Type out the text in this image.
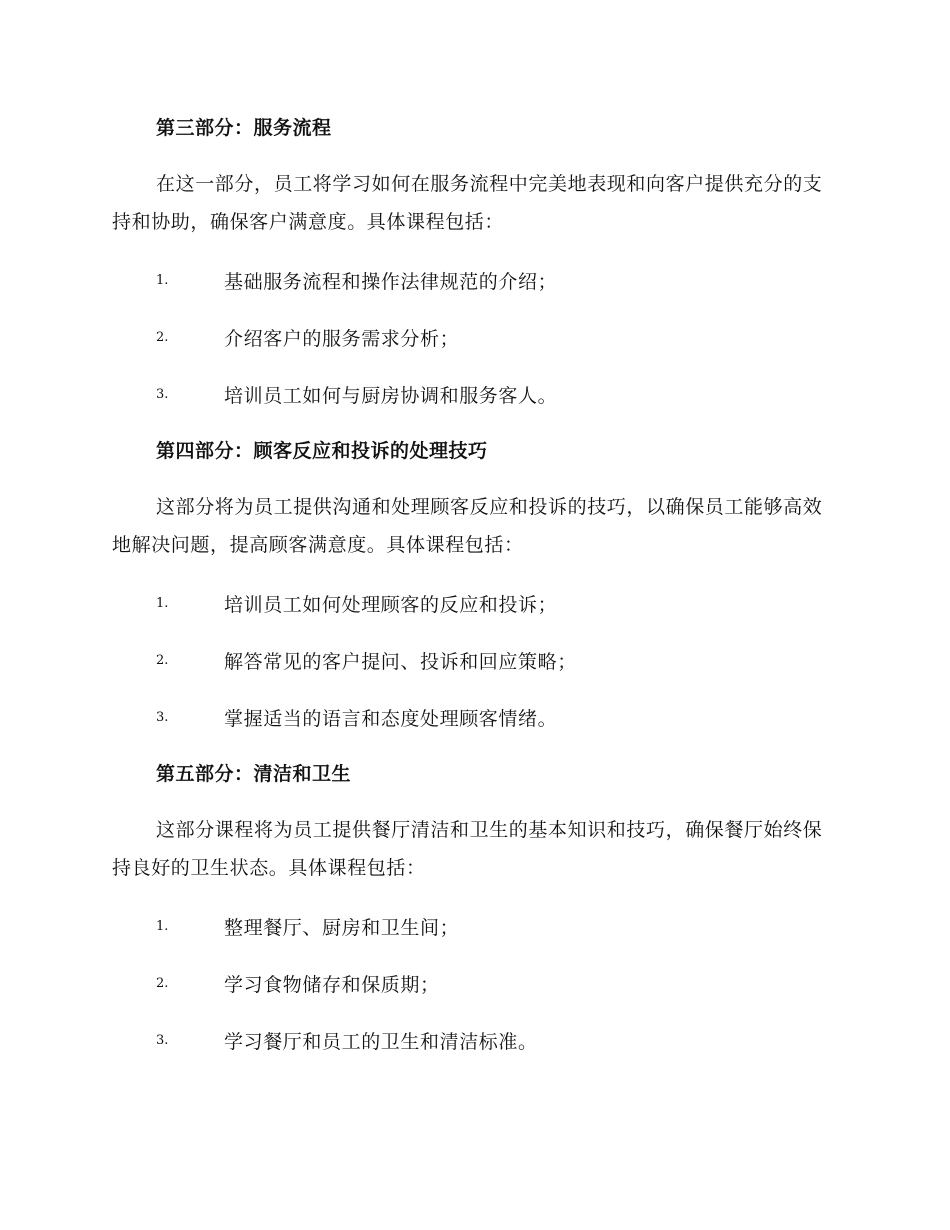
第三部分：服务流程
在这一部分，员工将学习如何在服务流程中完美地表现和向客户提供充分的支持和协助，确保客户满意度。具体课程包括：
1.	基础服务流程和操作法律规范的介绍；
2.	介绍客户的服务需求分析；
3.	培训员工如何与厨房协调和服务客人。
第四部分：顾客反应和投诉的处理技巧
这部分将为员工提供沟通和处理顾客反应和投诉的技巧，以确保员工能够高效地解决问题，提高顾客满意度。具体课程包括：
1.	培训员工如何处理顾客的反应和投诉；
2.	解答常见的客户提问、投诉和回应策略；
3.	掌握适当的语言和态度处理顾客情绪。
第五部分：清洁和卫生
这部分课程将为员工提供餐厅清洁和卫生的基本知识和技巧，确保餐厅始终保持良好的卫生状态。具体课程包括：
1.	整理餐厅、厨房和卫生间；
2.	学习食物储存和保质期；
3.	学习餐厅和员工的卫生和清洁标准。
